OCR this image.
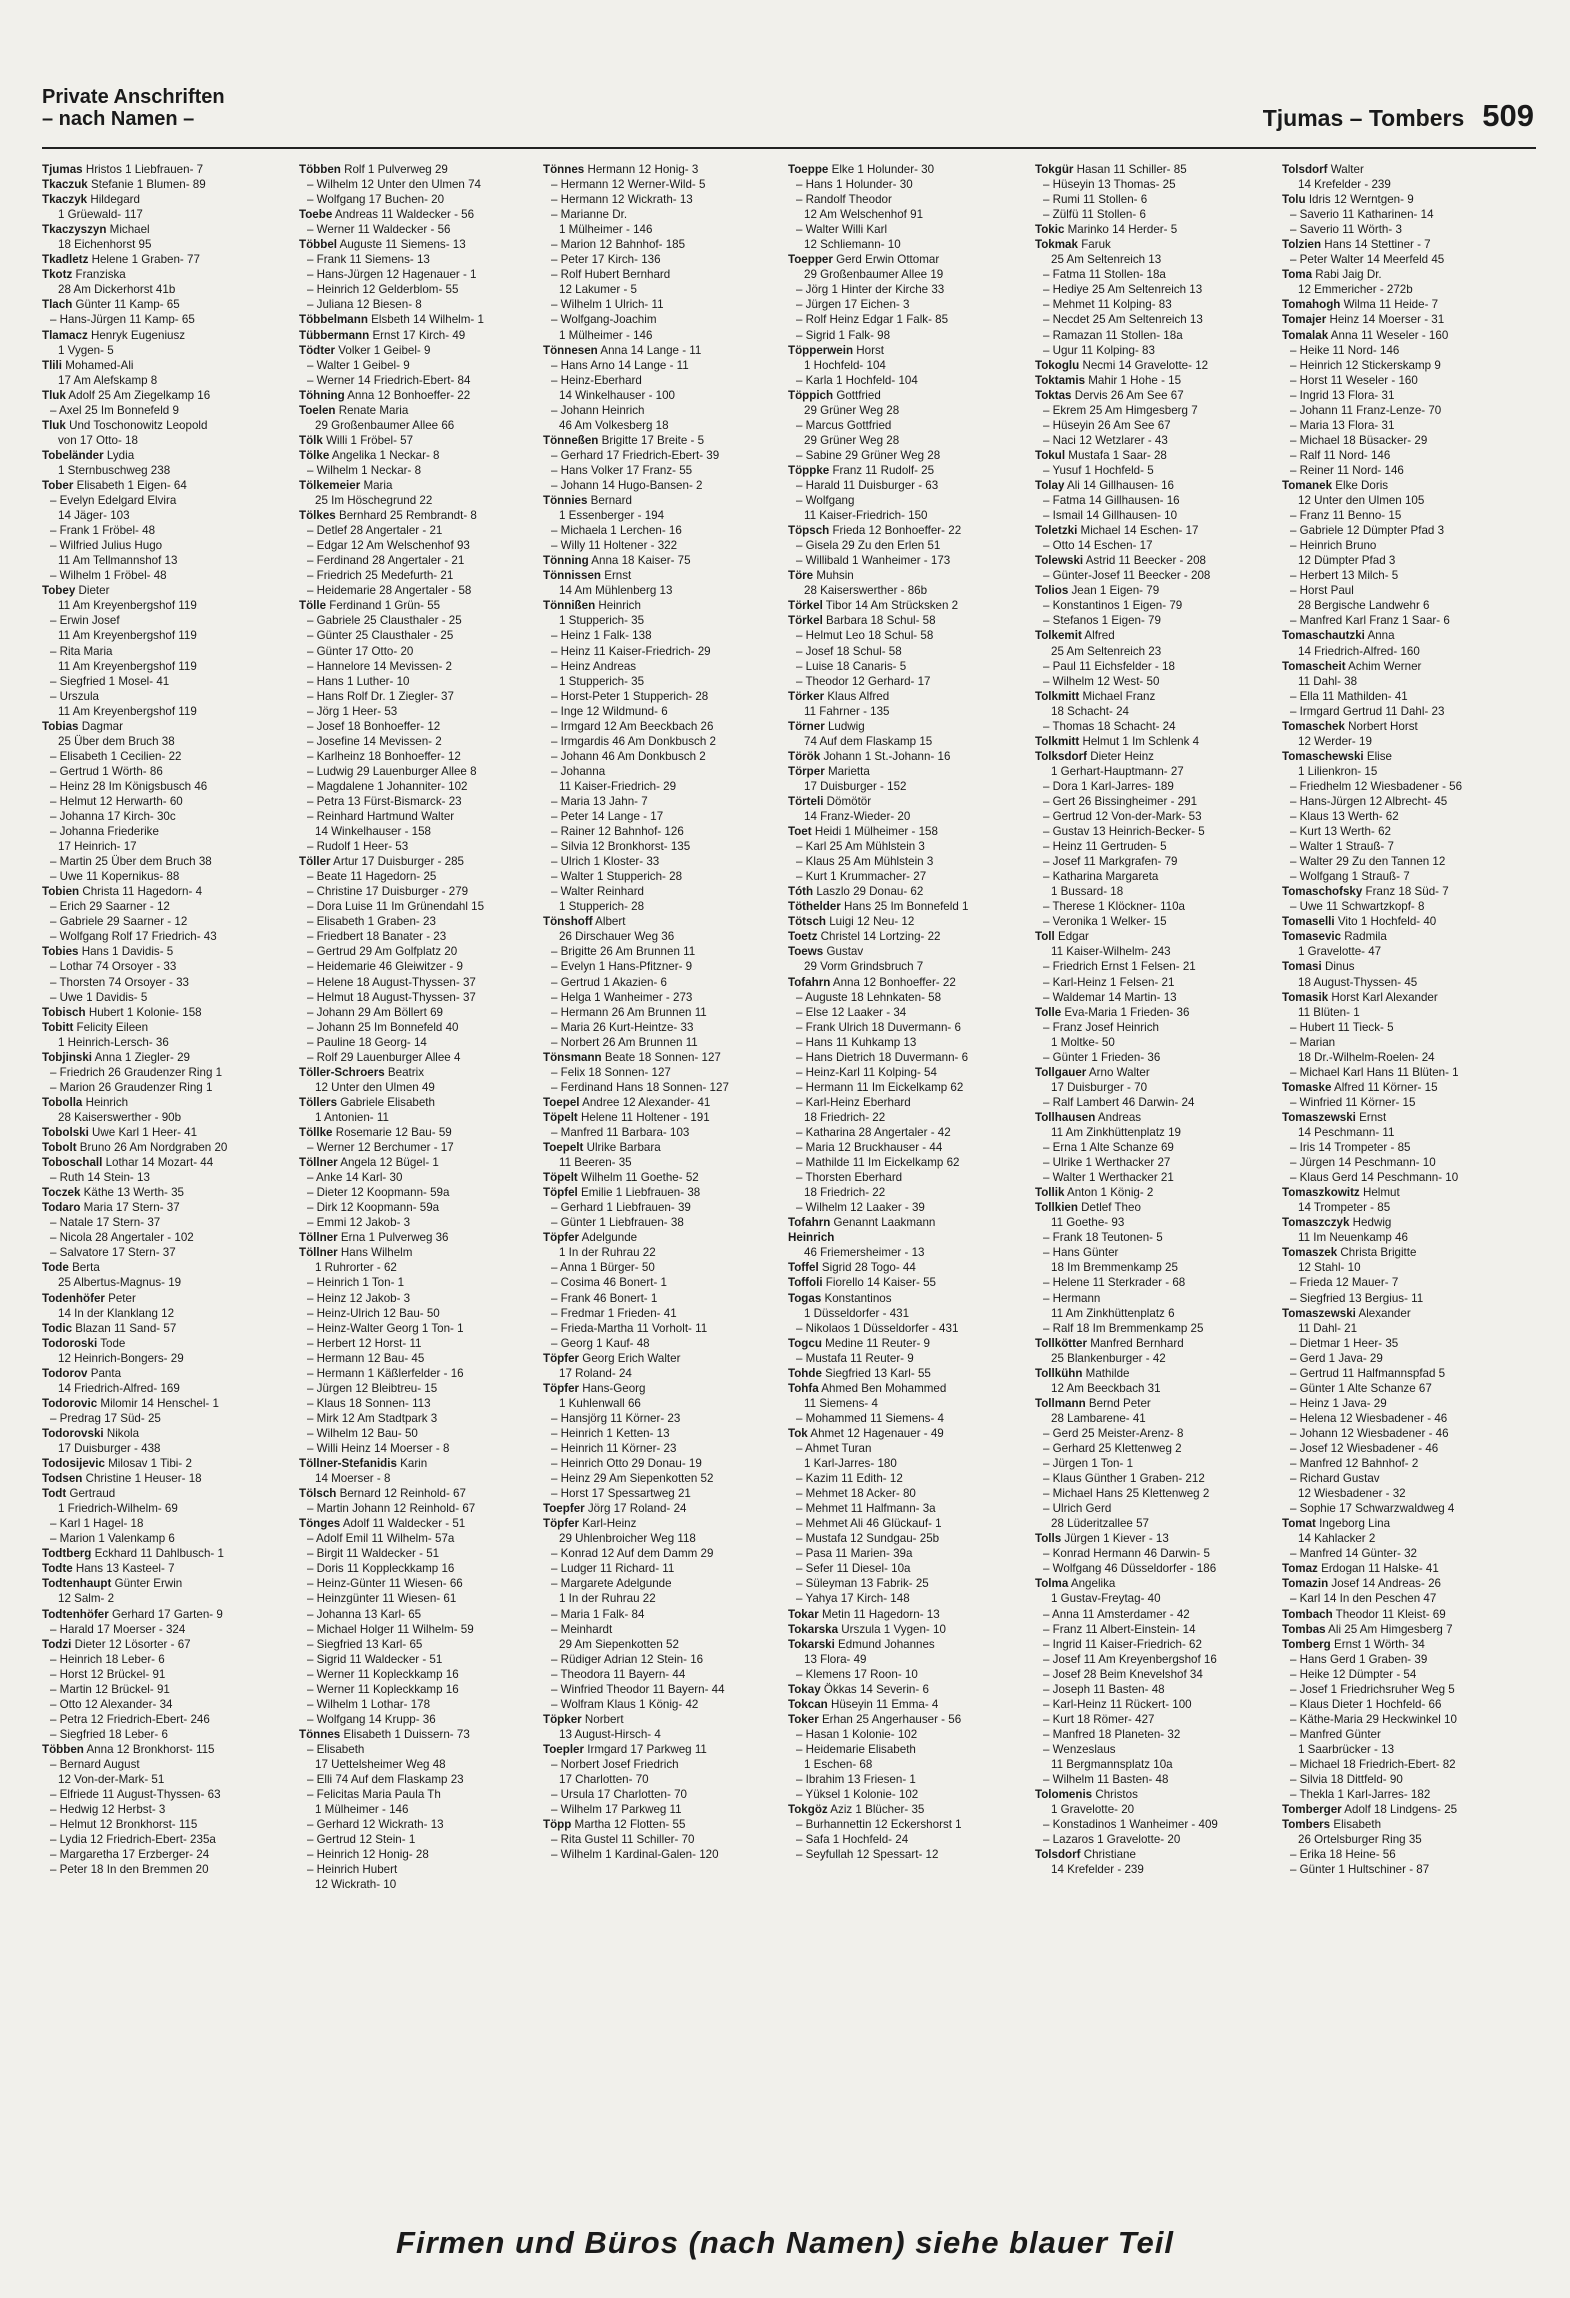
Private Anschriften
– nach Namen –	Tjumas – Tombers 509
Tjumas Hristos 1 Liebfrauen- 7
Tkaczuk Stefanie 1 Blumen- 89
Tkaczyk Hildegard
1 Grüewald- 117
Tkaczyszyn Michael
18 Eichenhorst 95
Tkadletz Helene 1 Graben- 77
Tkotz Franziska
28 Am Dickerhorst 41b
Tlach Günter 11 Kamp- 65
– Hans-Jürgen 11 Kamp- 65
Tlamacz Henryk Eugeniusz
1 Vygen- 5
Tlili Mohamed-Ali
17 Am Alefskamp 8
Tluk Adolf 25 Am Ziegelkamp 16
– Axel 25 Im Bonnefeld 9
Tluk Und Toschonowitz Leopold
von 17 Otto- 18
Tobeländer Lydia
1 Sternbuschweg 238
Tober Elisabeth 1 Eigen- 64
– Evelyn Edelgard Elvira
14 Jäger- 103
– Frank 1 Fröbel- 48
– Wilfried Julius Hugo
11 Am Tellmannshof 13
– Wilhelm 1 Fröbel- 48
Tobey Dieter
11 Am Kreyenbergshof 119
– Erwin Josef
11 Am Kreyenbergshof 119
– Rita Maria
11 Am Kreyenbergshof 119
– Siegfried 1 Mosel- 41
– Urszula
11 Am Kreyenbergshof 119
Tobias Dagmar
25 Über dem Bruch 38
– Elisabeth 1 Cecilien- 22
– Gertrud 1 Wörth- 86
– Heinz 28 Im Königsbusch 46
– Helmut 12 Herwarth- 60
– Johanna 17 Kirch- 30c
– Johanna Friederike
17 Heinrich- 17
– Martin 25 Über dem Bruch 38
– Uwe 11 Kopernikus- 88
Tobien Christa 11 Hagedorn- 4
– Erich 29 Saarner - 12
– Gabriele 29 Saarner - 12
– Wolfgang Rolf 17 Friedrich- 43
Tobies Hans 1 Davidis- 5
– Lothar 74 Orsoyer - 33
– Thorsten 74 Orsoyer - 33
– Uwe 1 Davidis- 5
Tobisch Hubert 1 Kolonie- 158
Tobitt Felicity Eileen
1 Heinrich-Lersch- 36
Tobjinski Anna 1 Ziegler- 29
– Friedrich 26 Graudenzer Ring 1
– Marion 26 Graudenzer Ring 1
Tobolla Heinrich
28 Kaiserswerther - 90b
Tobolski Uwe Karl 1 Heer- 41
Tobolt Bruno 26 Am Nordgraben 20
Toboschall Lothar 14 Mozart- 44
– Ruth 14 Stein- 13
Toczek Käthe 13 Werth- 35
Todaro Maria 17 Stern- 37
– Natale 17 Stern- 37
– Nicola 28 Angertaler - 102
– Salvatore 17 Stern- 37
Tode Berta
25 Albertus-Magnus- 19
Todenhöfer Peter
14 In der Klanklang 12
Todic Blazan 11 Sand- 57
Todoroski Tode
12 Heinrich-Bongers- 29
Todorov Panta
14 Friedrich-Alfred- 169
Todorovic Milomir 14 Henschel- 1
– Predrag 17 Süd- 25
Todorovski Nikola
17 Duisburger - 438
Todosijevic Milosav 1 Tibi- 2
Todsen Christine 1 Heuser- 18
Todt Gertraud
1 Friedrich-Wilhelm- 69
– Karl 1 Hagel- 18
– Marion 1 Valenkamp 6
Todtberg Eckhard 11 Dahlbusch- 1
Todte Hans 13 Kasteel- 7
Todtenhaupt Günter Erwin
12 Salm- 2
Todtenhöfer Gerhard 17 Garten- 9
– Harald 17 Moerser - 324
Todzi Dieter 12 Lösorter - 67
– Heinrich 18 Leber- 6
– Horst 12 Brückel- 91
– Martin 12 Brückel- 91
– Otto 12 Alexander- 34
– Petra 12 Friedrich-Ebert- 246
– Siegfried 18 Leber- 6
Többen Anna 12 Bronkhorst- 115
– Bernard August
12 Von-der-Mark- 51
– Elfriede 11 August-Thyssen- 63
– Hedwig 12 Herbst- 3
– Helmut 12 Bronkhorst- 115
– Lydia 12 Friedrich-Ebert- 235a
– Margaretha 17 Erzberger- 24
– Peter 18 In den Bremmen 20
Többen Rolf 1 Pulverweg 29
– Wilhelm 12 Unter den Ulmen 74
– Wolfgang 17 Buchen- 20
Toebe Andreas 11 Waldecker - 56
– Werner 11 Waldecker - 56
Többel Auguste 11 Siemens- 13
– Frank 11 Siemens- 13
– Hans-Jürgen 12 Hagenauer - 1
– Heinrich 12 Gelderblom- 55
– Juliana 12 Biesen- 8
Többelmann Elsbeth 14 Wilhelm- 1
Tübbermann Ernst 17 Kirch- 49
Tödter Volker 1 Geibel- 9
– Walter 1 Geibel- 9
– Werner 14 Friedrich-Ebert- 84
Töhning Anna 12 Bonhoeffer- 22
Toelen Renate Maria
29 Großenbaumer Allee 66
Tölk Willi 1 Fröbel- 57
Tölke Angelika 1 Neckar- 8
– Wilhelm 1 Neckar- 8
Tölkemeier Maria
25 Im Höschegrund 22
Tölkes Bernhard 25 Rembrandt- 8
– Detlef 28 Angertaler - 21
– Edgar 12 Am Welschenhof 93
– Ferdinand 28 Angertaler - 21
– Friedrich 25 Medefurth- 21
– Heidemarie 28 Angertaler - 58
Tölle Ferdinand 1 Grün- 55
– Gabriele 25 Clausthaler - 25
– Günter 25 Clausthaler - 25
– Günter 17 Otto- 20
– Hannelore 14 Mevissen- 2
– Hans 1 Luther- 10
– Hans Rolf Dr. 1 Ziegler- 37
– Jörg 1 Heer- 53
– Josef 18 Bonhoeffer- 12
– Josefine 14 Mevissen- 2
– Karlheinz 18 Bonhoeffer- 12
– Ludwig 29 Lauenburger Allee 8
– Magdalene 1 Johanniter- 102
– Petra 13 Fürst-Bismarck- 23
– Reinhard Hartmund Walter
14 Winkelhauser - 158
– Rudolf 1 Heer- 53
Töller Artur 17 Duisburger - 285
– Beate 11 Hagedorn- 25
– Christine 17 Duisburger - 279
– Dora Luise 11 Im Grünendahl 15
– Elisabeth 1 Graben- 23
– Friedbert 18 Banater - 23
– Gertrud 29 Am Golfplatz 20
– Heidemarie 46 Gleiwitzer - 9
– Helene 18 August-Thyssen- 37
– Helmut 18 August-Thyssen- 37
– Johann 29 Am Böllert 69
– Johann 25 Im Bonnefeld 40
– Pauline 18 Georg- 14
– Rolf 29 Lauenburger Allee 4
Töller-Schroers Beatrix
12 Unter den Ulmen 49
Töllers Gabriele Elisabeth
1 Antonien- 11
Töllke Rosemarie 12 Bau- 59
– Werner 12 Berchumer - 17
Töllner Angela 12 Bügel- 1
– Anke 14 Karl- 30
– Dieter 12 Koopmann- 59a
– Dirk 12 Koopmann- 59a
– Emmi 12 Jakob- 3
Töllner Erna 1 Pulverweg 36
Töllner Hans Wilhelm
1 Ruhrorter - 62
– Heinrich 1 Ton- 1
– Heinz 12 Jakob- 3
– Heinz-Ulrich 12 Bau- 50
– Heinz-Walter Georg 1 Ton- 1
– Herbert 12 Horst- 11
– Hermann 12 Bau- 45
– Hermann 1 Käßlerfelder - 16
– Jürgen 12 Bleibtreu- 15
– Klaus 18 Sonnen- 113
– Mirk 12 Am Stadtpark 3
– Wilhelm 12 Bau- 50
– Willi Heinz 14 Moerser - 8
Töllner-Stefanidis Karin
14 Moerser - 8
Tölsch Bernard 12 Reinhold- 67
– Martin Johann 12 Reinhold- 67
Tönges Adolf 11 Waldecker - 51
– Adolf Emil 11 Wilhelm- 57a
– Birgit 11 Waldecker - 51
– Doris 11 Koppleckkamp 16
– Heinz-Günter 11 Wiesen- 66
– Heinzgünter 11 Wiesen- 61
– Johanna 13 Karl- 65
– Michael Holger 11 Wilhelm- 59
– Siegfried 13 Karl- 65
– Sigrid 11 Waldecker - 51
– Werner 11 Kopleckkamp 16
– Werner 11 Kopleckkamp 16
– Wilhelm 1 Lothar- 178
– Wolfgang 14 Krupp- 36
Tönnes Elisabeth 1 Duissern- 73
– Elisabeth
17 Uettelsheimer Weg 48
– Elli 74 Auf dem Flaskamp 23
– Felicitas Maria Paula Th
1 Mülheimer - 146
– Gerhard 12 Wickrath- 13
– Gertrud 12 Stein- 1
– Heinrich 12 Honig- 28
– Heinrich Hubert
12 Wickrath- 10
Tönnes Hermann 12 Honig- 3
– Hermann 12 Werner-Wild- 5
– Hermann 12 Wickrath- 13
– Marianne Dr.
1 Mülheimer - 146
– Marion 12 Bahnhof- 185
– Peter 17 Kirch- 136
– Rolf Hubert Bernhard
12 Lakumer - 5
– Wilhelm 1 Ulrich- 11
– Wolfgang-Joachim
1 Mülheimer - 146
Tönnesen Anna 14 Lange - 11
– Hans Arno 14 Lange - 11
– Heinz-Eberhard
14 Winkelhauser - 100
– Johann Heinrich
46 Am Volkesberg 18
Tönneßen Brigitte 17 Breite - 5
– Gerhard 17 Friedrich-Ebert- 39
– Hans Volker 17 Franz- 55
– Johann 14 Hugo-Bansen- 2
Tönnies Bernard
1 Essenberger - 194
– Michaela 1 Lerchen- 16
– Willy 11 Holtener - 322
Tönning Anna 18 Kaiser- 75
Tönnissen Ernst
14 Am Mühlenberg 13
Tönnißen Heinrich
1 Stupperich- 35
– Heinz 1 Falk- 138
– Heinz 11 Kaiser-Friedrich- 29
– Heinz Andreas
1 Stupperich- 35
– Horst-Peter 1 Stupperich- 28
– Inge 12 Wildmund- 6
– Irmgard 12 Am Beeckbach 26
– Irmgardis 46 Am Donkbusch 2
– Johann 46 Am Donkbusch 2
– Johanna
11 Kaiser-Friedrich- 29
– Maria 13 Jahn- 7
– Peter 14 Lange - 17
– Rainer 12 Bahnhof- 126
– Silvia 12 Bronkhorst- 135
– Ulrich 1 Kloster- 33
– Walter 1 Stupperich- 28
– Walter Reinhard
1 Stupperich- 28
Tönshoff Albert
26 Dirschauer Weg 36
– Brigitte 26 Am Brunnen 11
– Evelyn 1 Hans-Pfitzner- 9
– Gertrud 1 Akazien- 6
– Helga 1 Wanheimer - 273
– Hermann 26 Am Brunnen 11
– Maria 26 Kurt-Heintze- 33
– Norbert 26 Am Brunnen 11
Tönsmann Beate 18 Sonnen- 127
– Felix 18 Sonnen- 127
– Ferdinand Hans 18 Sonnen- 127
Toepel Andree 12 Alexander- 41
Töpelt Helene 11 Holtener - 191
– Manfred 11 Barbara- 103
Toepelt Ulrike Barbara
11 Beeren- 35
Töpelt Wilhelm 11 Goethe- 52
Töpfel Emilie 1 Liebfrauen- 38
– Gerhard 1 Liebfrauen- 39
– Günter 1 Liebfrauen- 38
Töpfer Adelgunde
1 In der Ruhrau 22
– Anna 1 Bürger- 50
– Cosima 46 Bonert- 1
– Frank 46 Bonert- 1
– Fredmar 1 Frieden- 41
– Frieda-Martha 11 Vorholt- 11
– Georg 1 Kauf- 48
Töpfer Georg Erich Walter
17 Roland- 24
Töpfer Hans-Georg
1 Kuhlenwall 66
– Hansjörg 11 Körner- 23
– Heinrich 1 Ketten- 13
– Heinrich 11 Körner- 23
– Heinrich Otto 29 Donau- 19
– Heinz 29 Am Siepenkotten 52
– Horst 17 Spessartweg 21
Toepfer Jörg 17 Roland- 24
Töpfer Karl-Heinz
29 Uhlenbroicher Weg 118
– Konrad 12 Auf dem Damm 29
– Ludger 11 Richard- 11
– Margarete Adelgunde
1 In der Ruhrau 22
– Maria 1 Falk- 84
– Meinhardt
29 Am Siepenkotten 52
– Rüdiger Adrian 12 Stein- 16
– Theodora 11 Bayern- 44
– Winfried Theodor 11 Bayern- 44
– Wolfram Klaus 1 König- 42
Töpker Norbert
13 August-Hirsch- 4
Toepler Irmgard 17 Parkweg 11
– Norbert Josef Friedrich
17 Charlotten- 70
– Ursula 17 Charlotten- 70
– Wilhelm 17 Parkweg 11
Töpp Martha 12 Flotten- 55
– Rita Gustel 11 Schiller- 70
– Wilhelm 1 Kardinal-Galen- 120
Toeppe Elke 1 Holunder- 30
– Hans 1 Holunder- 30
– Randolf Theodor
12 Am Welschenhof 91
– Walter Willi Karl
12 Schliemann- 10
Toepper Gerd Erwin Ottomar
29 Großenbaumer Allee 19
– Jörg 1 Hinter der Kirche 33
– Jürgen 17 Eichen- 3
– Rolf Heinz Edgar 1 Falk- 85
– Sigrid 1 Falk- 98
Töpperwein Horst
1 Hochfeld- 104
– Karla 1 Hochfeld- 104
Töppich Gottfried
29 Grüner Weg 28
– Marcus Gottfried
29 Grüner Weg 28
– Sabine 29 Grüner Weg 28
Töppke Franz 11 Rudolf- 25
– Harald 11 Duisburger - 63
– Wolfgang
11 Kaiser-Friedrich- 150
Töpsch Frieda 12 Bonhoeffer- 22
– Gisela 29 Zu den Erlen 51
– Willibald 1 Wanheimer - 173
Töre Muhsin
28 Kaiserswerther - 86b
Törkel Tibor 14 Am Strücksken 2
Törkel Barbara 18 Schul- 58
– Helmut Leo 18 Schul- 58
– Josef 18 Schul- 58
– Luise 18 Canaris- 5
– Theodor 12 Gerhard- 17
Törker Klaus Alfred
11 Fahrner - 135
Törner Ludwig
74 Auf dem Flaskamp 15
Török Johann 1 St.-Johann- 16
Törper Marietta
17 Duisburger - 152
Törteli Dömötör
14 Franz-Wieder- 20
Toet Heidi 1 Mülheimer - 158
– Karl 25 Am Mühlstein 3
– Klaus 25 Am Mühlstein 3
– Kurt 1 Krummacher- 27
Tóth Laszlo 29 Donau- 62
Töthelder Hans 25 Im Bonnefeld 1
Tötsch Luigi 12 Neu- 12
Toetz Christel 14 Lortzing- 22
Toews Gustav
29 Vorm Grindsbruch 7
Tofahrn Anna 12 Bonhoeffer- 22
– Auguste 18 Lehnkaten- 58
– Else 12 Laaker - 34
– Frank Ulrich 18 Duvermann- 6
– Hans 11 Kuhkamp 13
– Hans Dietrich 18 Duvermann- 6
– Heinz-Karl 11 Kolping- 54
– Hermann 11 Im Eickelkamp 62
– Karl-Heinz Eberhard
18 Friedrich- 22
– Katharina 28 Angertaler - 42
– Maria 12 Bruckhauser - 44
– Mathilde 11 Im Eickelkamp 62
– Thorsten Eberhard
18 Friedrich- 22
– Wilhelm 12 Laaker - 39
Tofahrn Genannt Laakmann
Heinrich
46 Friemersheimer - 13
Toffel Sigrid 28 Togo- 44
Toffoli Fiorello 14 Kaiser- 55
Togas Konstantinos
1 Düsseldorfer - 431
– Nikolaos 1 Düsseldorfer - 431
Togcu Medine 11 Reuter- 9
– Mustafa 11 Reuter- 9
Tohde Siegfried 13 Karl- 55
Tohfa Ahmed Ben Mohammed
11 Siemens- 4
– Mohammed 11 Siemens- 4
Tok Ahmet 12 Hagenauer - 49
– Ahmet Turan
1 Karl-Jarres- 180
– Kazim 11 Edith- 12
– Mehmet 18 Acker- 80
– Mehmet 11 Halfmann- 3a
– Mehmet Ali 46 Glückauf- 1
– Mustafa 12 Sundgau- 25b
– Pasa 11 Marien- 39a
– Sefer 11 Diesel- 10a
– Süleyman 13 Fabrik- 25
– Yahya 17 Kirch- 148
Tokar Metin 11 Hagedorn- 13
Tokarska Urszula 1 Vygen- 10
Tokarski Edmund Johannes
13 Flora- 49
– Klemens 17 Roon- 10
Tokay Ökkas 14 Severin- 6
Tokcan Hüseyin 11 Emma- 4
Toker Erhan 25 Angerhauser - 56
– Hasan 1 Kolonie- 102
– Heidemarie Elisabeth
1 Eschen- 68
– Ibrahim 13 Friesen- 1
– Yüksel 1 Kolonie- 102
Tokgöz Aziz 1 Blücher- 35
– Burhannettin 12 Eckershorst 1
– Safa 1 Hochfeld- 24
– Seyfullah 12 Spessart- 12
Tokgür Hasan 11 Schiller- 85
– Hüseyin 13 Thomas- 25
– Rumi 11 Stollen- 6
– Zülfü 11 Stollen- 6
Tokic Marinko 14 Herder- 5
Tokmak Faruk
25 Am Seltenreich 13
– Fatma 11 Stollen- 18a
– Hediye 25 Am Seltenreich 13
– Mehmet 11 Kolping- 83
– Necdet 25 Am Seltenreich 13
– Ramazan 11 Stollen- 18a
– Ugur 11 Kolping- 83
Tokoglu Necmi 14 Gravelotte- 12
Toktamis Mahir 1 Hohe - 15
Toktas Dervis 26 Am See 67
– Ekrem 25 Am Himgesberg 7
– Hüseyin 26 Am See 67
– Naci 12 Wetzlarer - 43
Tokul Mustafa 1 Saar- 28
– Yusuf 1 Hochfeld- 5
Tolay Ali 14 Gillhausen- 16
– Fatma 14 Gillhausen- 16
– Ismail 14 Gillhausen- 10
Toletzki Michael 14 Eschen- 17
– Otto 14 Eschen- 17
Tolewski Astrid 11 Beecker - 208
– Günter-Josef 11 Beecker - 208
Tolios Jean 1 Eigen- 79
– Konstantinos 1 Eigen- 79
– Stefanos 1 Eigen- 79
Tolkemit Alfred
25 Am Seltenreich 23
– Paul 11 Eichsfelder - 18
– Wilhelm 12 West- 50
Tolkmitt Michael Franz
18 Schacht- 24
– Thomas 18 Schacht- 24
Tolkmitt Helmut 1 Im Schlenk 4
Tolksdorf Dieter Heinz
1 Gerhart-Hauptmann- 27
– Dora 1 Karl-Jarres- 189
– Gert 26 Bissingheimer - 291
– Gertrud 12 Von-der-Mark- 53
– Gustav 13 Heinrich-Becker- 5
– Heinz 11 Gertruden- 5
– Josef 11 Markgrafen- 79
– Katharina Margareta
1 Bussard- 18
– Therese 1 Klöckner- 110a
– Veronika 1 Welker- 15
Toll Edgar
11 Kaiser-Wilhelm- 243
– Friedrich Ernst 1 Felsen- 21
– Karl-Heinz 1 Felsen- 21
– Waldemar 14 Martin- 13
Tolle Eva-Maria 1 Frieden- 36
– Franz Josef Heinrich
1 Moltke- 50
– Günter 1 Frieden- 36
Tollgauer Arno Walter
17 Duisburger - 70
– Ralf Lambert 46 Darwin- 24
Tollhausen Andreas
11 Am Zinkhüttenplatz 19
– Erna 1 Alte Schanze 69
– Ulrike 1 Werthacker 27
– Walter 1 Werthacker 21
Tollik Anton 1 König- 2
Tollkien Detlef Theo
11 Goethe- 93
– Frank 18 Teutonen- 5
– Hans Günter
18 Im Bremmenkamp 25
– Helene 11 Sterkrader - 68
– Hermann
11 Am Zinkhüttenplatz 6
– Ralf 18 Im Bremmenkamp 25
Tollkötter Manfred Bernhard
25 Blankenburger - 42
Tollkühn Mathilde
12 Am Beeckbach 31
Tollmann Bernd Peter
28 Lambarene- 41
– Gerd 25 Meister-Arenz- 8
– Gerhard 25 Klettenweg 2
– Jürgen 1 Ton- 1
– Klaus Günther 1 Graben- 212
– Michael Hans 25 Klettenweg 2
– Ulrich Gerd
28 Lüderitzallee 57
Tolls Jürgen 1 Kiever - 13
– Konrad Hermann 46 Darwin- 5
– Wolfgang 46 Düsseldorfer - 186
Tolma Angelika
1 Gustav-Freytag- 40
– Anna 11 Amsterdamer - 42
– Franz 11 Albert-Einstein- 14
– Ingrid 11 Kaiser-Friedrich- 62
– Josef 11 Am Kreyenbergshof 16
– Josef 28 Beim Knevelshof 34
– Joseph 11 Basten- 48
– Karl-Heinz 11 Rückert- 100
– Kurt 18 Römer- 427
– Manfred 18 Planeten- 32
– Wenzeslaus
11 Bergmannsplatz 10a
– Wilhelm 11 Basten- 48
Tolomenis Christos
1 Gravelotte- 20
– Konstadinos 1 Wanheimer - 409
– Lazaros 1 Gravelotte- 20
Tolsdorf Christiane
14 Krefelder - 239
Tolsdorf Walter
14 Krefelder - 239
Tolu Idris 12 Werntgen- 9
– Saverio 11 Katharinen- 14
– Saverio 11 Wörth- 3
Tolzien Hans 14 Stettiner - 7
– Peter Walter 14 Meerfeld 45
Toma Rabi Jaig Dr.
12 Emmericher - 272b
Tomahogh Wilma 11 Heide- 7
Tomajer Heinz 14 Moerser - 31
Tomalak Anna 11 Weseler - 160
– Heike 11 Nord- 146
– Heinrich 12 Stickerskamp 9
– Horst 11 Weseler - 160
– Ingrid 13 Flora- 31
– Johann 11 Franz-Lenze- 70
– Maria 13 Flora- 31
– Michael 18 Büsacker- 29
– Ralf 11 Nord- 146
– Reiner 11 Nord- 146
Tomanek Elke Doris
12 Unter den Ulmen 105
– Franz 11 Benno- 15
– Gabriele 12 Dümpter Pfad 3
– Heinrich Bruno
12 Dümpter Pfad 3
– Herbert 13 Milch- 5
– Horst Paul
28 Bergische Landwehr 6
– Manfred Karl Franz 1 Saar- 6
Tomaschautzki Anna
14 Friedrich-Alfred- 160
Tomascheit Achim Werner
11 Dahl- 38
– Ella 11 Mathilden- 41
– Irmgard Gertrud 11 Dahl- 23
Tomaschek Norbert Horst
12 Werder- 19
Tomaschewski Elise
1 Lilienkron- 15
– Friedhelm 12 Wiesbadener - 56
– Hans-Jürgen 12 Albrecht- 45
– Klaus 13 Werth- 62
– Kurt 13 Werth- 62
– Walter 1 Strauß- 7
– Walter 29 Zu den Tannen 12
– Wolfgang 1 Strauß- 7
Tomaschofsky Franz 18 Süd- 7
– Uwe 11 Schwartzkopf- 8
Tomaselli Vito 1 Hochfeld- 40
Tomasevic Radmila
1 Gravelotte- 47
Tomasi Dinus
18 August-Thyssen- 45
Tomasik Horst Karl Alexander
11 Blüten- 1
– Hubert 11 Tieck- 5
– Marian
18 Dr.-Wilhelm-Roelen- 24
– Michael Karl Hans 11 Blüten- 1
Tomaske Alfred 11 Körner- 15
– Winfried 11 Körner- 15
Tomaszewski Ernst
14 Peschmann- 11
– Iris 14 Trompeter - 85
– Jürgen 14 Peschmann- 10
– Klaus Gerd 14 Peschmann- 10
Tomaszkowitz Helmut
14 Trompeter - 85
Tomaszczyk Hedwig
11 Im Neuenkamp 46
Tomaszek Christa Brigitte
12 Stahl- 10
– Frieda 12 Mauer- 7
– Siegfried 13 Bergius- 11
Tomaszewski Alexander
11 Dahl- 21
– Dietmar 1 Heer- 35
– Gerd 1 Java- 29
– Gertrud 11 Halfmannspfad 5
– Günter 1 Alte Schanze 67
– Heinz 1 Java- 29
– Helena 12 Wiesbadener - 46
– Johann 12 Wiesbadener - 46
– Josef 12 Wiesbadener - 46
– Manfred 12 Bahnhof- 2
– Richard Gustav
12 Wiesbadener - 32
– Sophie 17 Schwarzwaldweg 4
Tomat Ingeborg Lina
14 Kahlacker 2
– Manfred 14 Günter- 32
Tomaz Erdogan 11 Halske- 41
Tomazin Josef 14 Andreas- 26
– Karl 14 In den Peschen 47
Tombach Theodor 11 Kleist- 69
Tombas Ali 25 Am Himgesberg 7
Tomberg Ernst 1 Wörth- 34
– Hans Gerd 1 Graben- 39
– Heike 12 Dümpter - 54
– Josef 1 Friedrichsruher Weg 5
– Klaus Dieter 1 Hochfeld- 66
– Käthe-Maria 29 Heckwinkel 10
– Manfred Günter
1 Saarbrücker - 13
– Michael 18 Friedrich-Ebert- 82
– Silvia 18 Dittfeld- 90
– Thekla 1 Karl-Jarres- 182
Tomberger Adolf 18 Lindgens- 25
Tombers Elisabeth
26 Ortelsburger Ring 35
– Erika 18 Heine- 56
– Günter 1 Hultschiner - 87
Firmen und Büros (nach Namen) siehe blauer Teil
